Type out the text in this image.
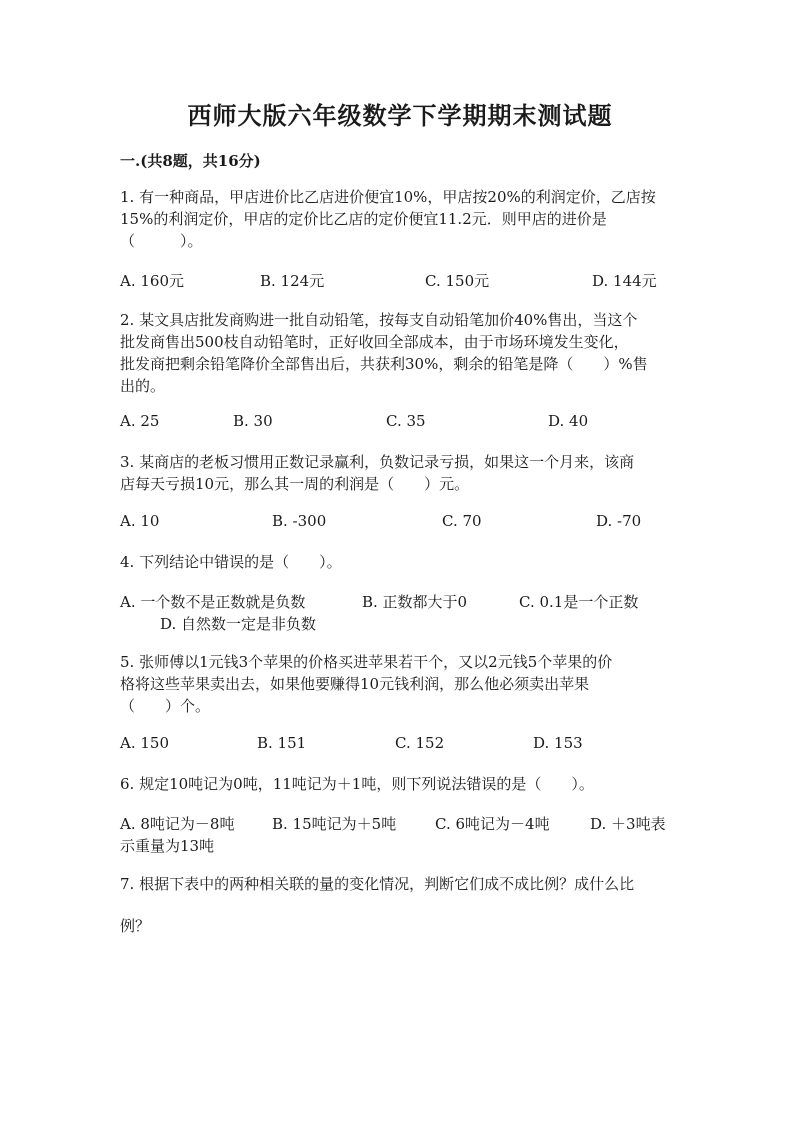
西师大版六年级数学下学期期末测试题
一.(共8题，共16分)
1. 有一种商品，甲店进价比乙店进价便宜10%，甲店按20%的利润定价，乙店按
15%的利润定价，甲店的定价比乙店的定价便宜11.2元．则甲店的进价是
（　　　）。
A. 160元	B. 124元	C. 150元	D. 144元
2. 某文具店批发商购进一批自动铅笔，按每支自动铅笔加价40%售出，当这个
批发商售出500枝自动铅笔时，正好收回全部成本，由于市场环境发生变化，
批发商把剩余铅笔降价全部售出后，共获利30%，剩余的铅笔是降（　　）%售
出的。
A. 25	B. 30	C. 35	D. 40
3. 某商店的老板习惯用正数记录赢利，负数记录亏损，如果这一个月来，该商
店每天亏损10元，那么其一周的利润是（　　）元。
A. 10	B. -300	C. 70	D. -70
4. 下列结论中错误的是（　　）。
A. 一个数不是正数就是负数	B. 正数都大于0	C. 0.1是一个正数
D. 自然数一定是非负数
5. 张师傅以1元钱3个苹果的价格买进苹果若干个，又以2元钱5个苹果的价
格将这些苹果卖出去，如果他要赚得10元钱利润，那么他必须卖出苹果
（　　）个。
A. 150	B. 151	C. 152	D. 153
6. 规定10吨记为0吨，11吨记为＋1吨，则下列说法错误的是（　　）。
A. 8吨记为－8吨	B. 15吨记为＋5吨	C. 6吨记为－4吨	D. ＋3吨表
示重量为13吨
7. 根据下表中的两种相关联的量的变化情况，判断它们成不成比例？成什么比
例？
